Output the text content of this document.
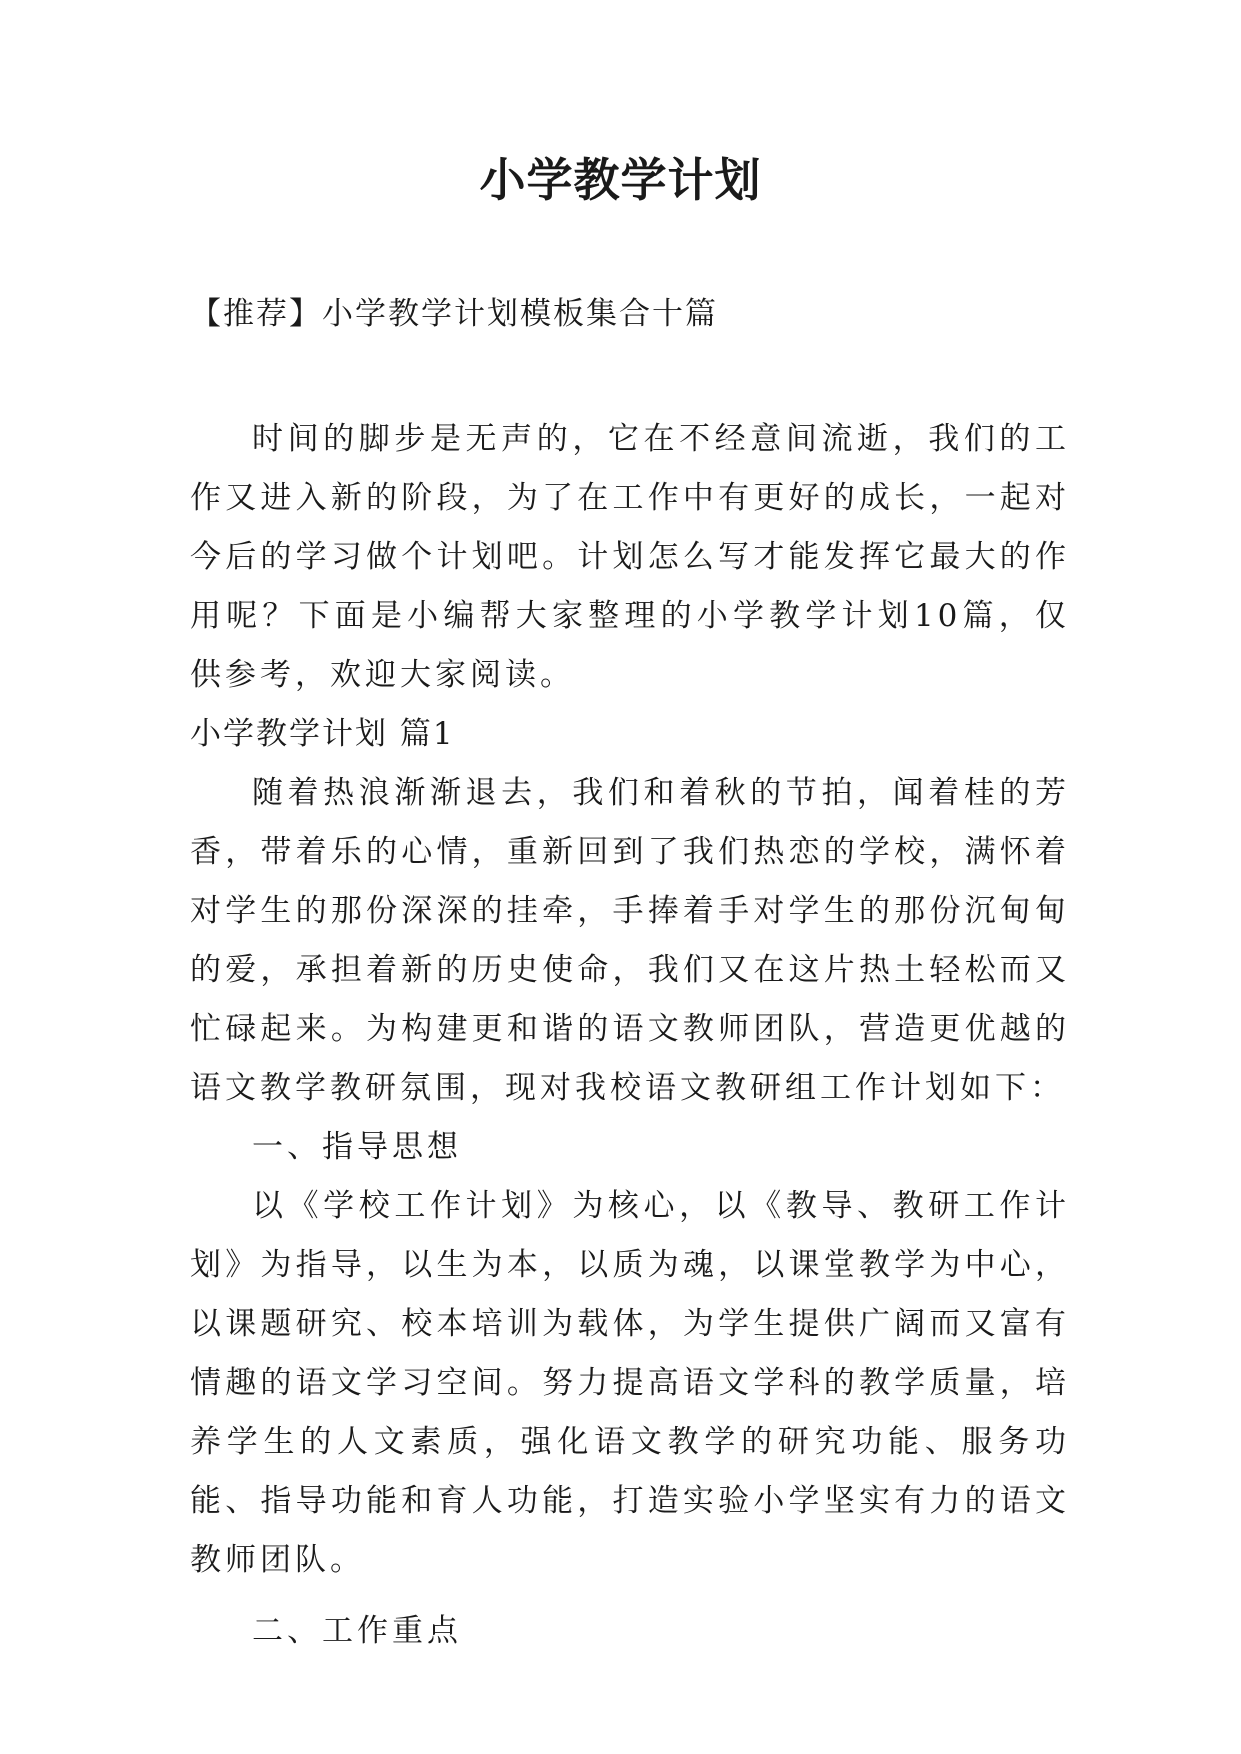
小学教学计划

【推荐】小学教学计划模板集合十篇

时间的脚步是无声的，它在不经意间流逝，我们的工作又进入新的阶段，为了在工作中有更好的成长，一起对今后的学习做个计划吧。计划怎么写才能发挥它最大的作用呢？下面是小编帮大家整理的小学教学计划10篇，仅供参考，欢迎大家阅读。

小学教学计划 篇1

随着热浪渐渐退去，我们和着秋的节拍，闻着桂的芳香，带着乐的心情，重新回到了我们热恋的学校，满怀着对学生的那份深深的挂牵，手捧着手对学生的那份沉甸甸的爱，承担着新的历史使命，我们又在这片热土轻松而又忙碌起来。为构建更和谐的语文教师团队，营造更优越的语文教学教研氛围，现对我校语文教研组工作计划如下：

一、指导思想

以《学校工作计划》为核心，以《教导、教研工作计划》为指导，以生为本，以质为魂，以课堂教学为中心，以课题研究、校本培训为载体，为学生提供广阔而又富有情趣的语文学习空间。努力提高语文学科的教学质量，培养学生的人文素质，强化语文教学的研究功能、服务功能、指导功能和育人功能，打造实验小学坚实有力的语文教师团队。

二、工作重点
